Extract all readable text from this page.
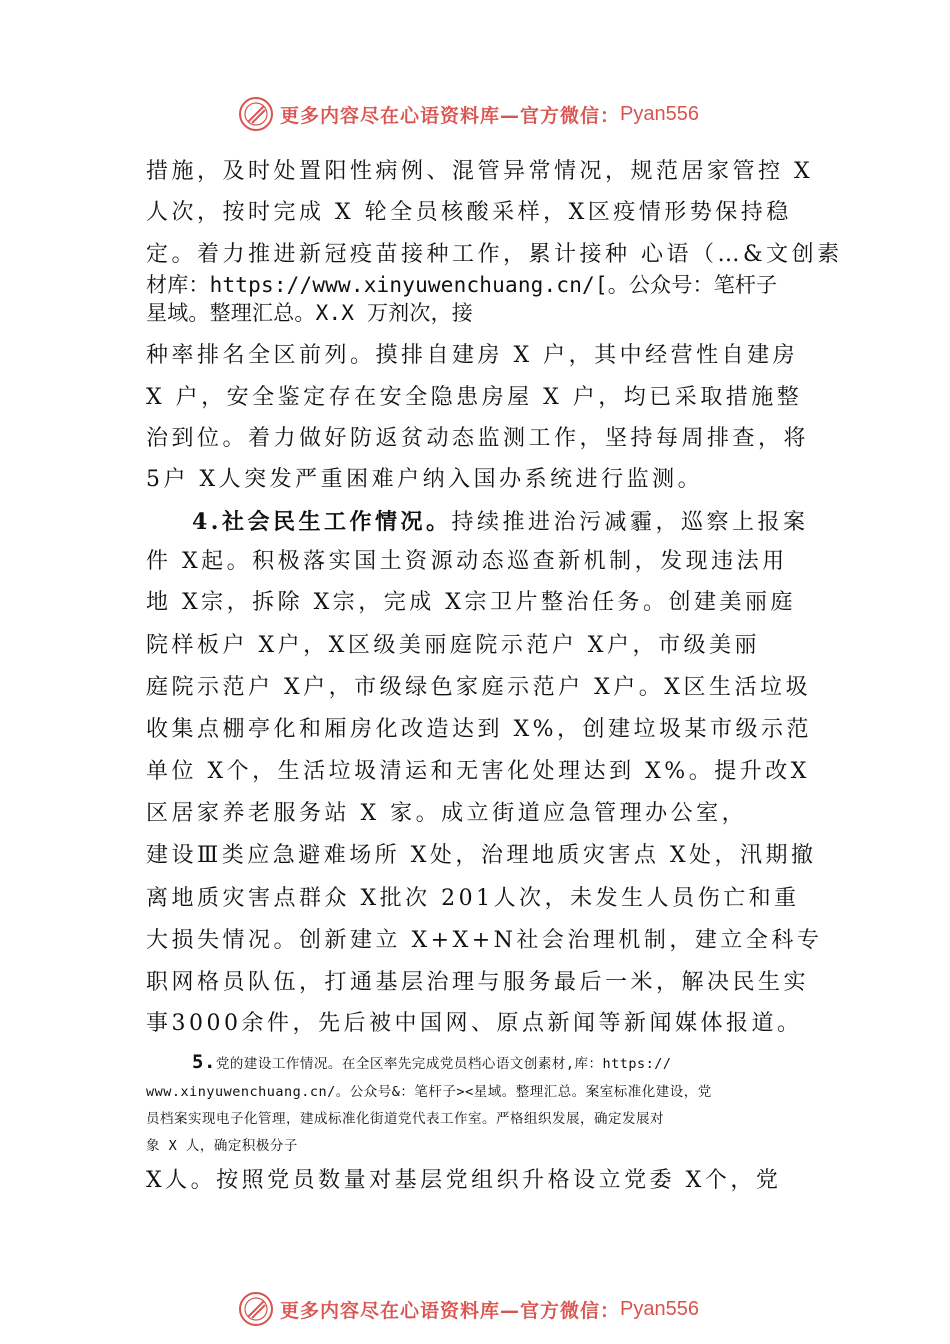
更多内容尽在心语资料库—官方微信： Pyan556
措施，及时处置阳性病例、混管异常情况，规范居家管控 X
人次，按时完成 X 轮全员核酸采样，X区疫情形势保持稳
定。着力推进新冠疫苗接种工作，累计接种 心语（…&文创素
材库：https://www.xinyuwenchuang.cn/[。公众号：笔杆子
星域。整理汇总。X.X 万剂次，接
种率排名全区前列。摸排自建房 X 户，其中经营性自建房
X 户，安全鉴定存在安全隐患房屋 X 户，均已采取措施整
治到位。着力做好防返贫动态监测工作，坚持每周排查，将
5户 X人突发严重困难户纳入国办系统进行监测。
4.社会民生工作情况。持续推进治污减霾，巡察上报案
件 X起。积极落实国土资源动态巡查新机制，发现违法用
地 X宗，拆除 X宗，完成 X宗卫片整治任务。创建美丽庭
院样板户 X户，X区级美丽庭院示范户 X户，市级美丽
庭院示范户 X户，市级绿色家庭示范户 X户。X区生活垃圾
收集点棚亭化和厢房化改造达到 X%，创建垃圾某市级示范
单位 X个，生活垃圾清运和无害化处理达到 X%。提升改X
区居家养老服务站 X 家。成立街道应急管理办公室，
建设Ⅲ类应急避难场所 X处，治理地质灾害点 X处，汛期撤
离地质灾害点群众 X批次 201人次，未发生人员伤亡和重
大损失情况。创新建立 X+X+N社会治理机制，建立全科专
职网格员队伍，打通基层治理与服务最后一米，解决民生实
事3000余件，先后被中国网、原点新闻等新闻媒体报道。
5.党的建设工作情况。在全区率先完成党员档心语文创素材,库：https://
www.xinyuwenchuang.cn/。公众号&：笔杆子><星域。整理汇总。案室标准化建设，党
员档案实现电子化管理，建成标准化街道党代表工作室。严格组织发展，确定发展对
象 X 人，确定积极分子
X人。按照党员数量对基层党组织升格设立党委 X个，党
更多内容尽在心语资料库—官方微信： Pyan556
